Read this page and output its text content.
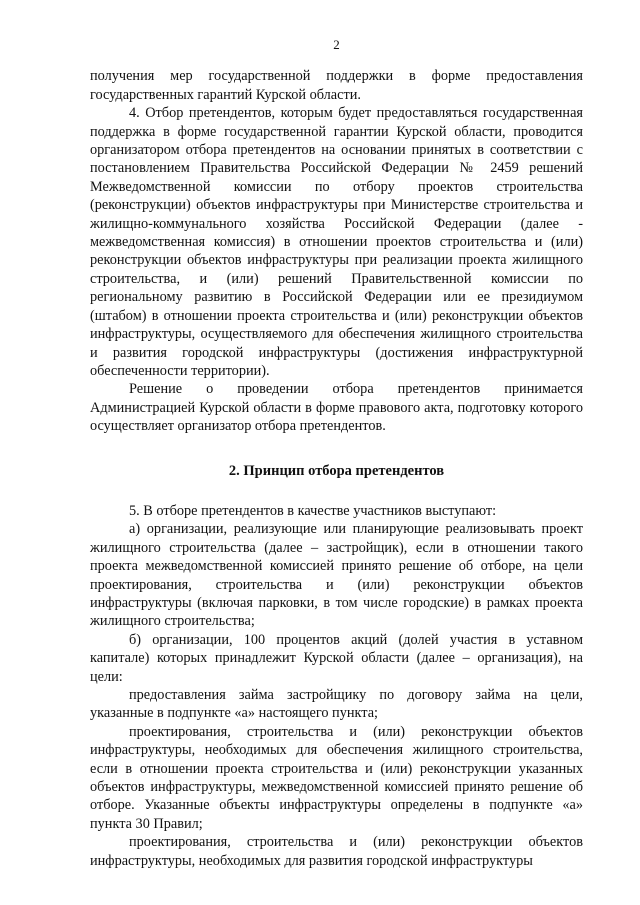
2

получения мер государственной поддержки в форме предоставления государственных гарантий Курской области.

4. Отбор претендентов, которым будет предоставляться государственная поддержка в форме государственной гарантии Курской области, проводится организатором отбора претендентов на основании принятых в соответствии с постановлением Правительства Российской Федерации № 2459 решений Межведомственной комиссии по отбору проектов строительства (реконструкции) объектов инфраструктуры при Министерстве строительства и жилищно-коммунального хозяйства Российской Федерации (далее - межведомственная комиссия) в отношении проектов строительства и (или) реконструкции объектов инфраструктуры при реализации проекта жилищного строительства, и (или) решений Правительственной комиссии по региональному развитию в Российской Федерации или ее президиумом (штабом) в отношении проекта строительства и (или) реконструкции объектов инфраструктуры, осуществляемого для обеспечения жилищного строительства и развития городской инфраструктуры (достижения инфраструктурной обеспеченности территории).

Решение о проведении отбора претендентов принимается Администрацией Курской области в форме правового акта, подготовку которого осуществляет организатор отбора претендентов.

2. Принцип отбора претендентов

5. В отборе претендентов в качестве участников выступают:

а) организации, реализующие или планирующие реализовывать проект жилищного строительства (далее – застройщик), если в отношении такого проекта межведомственной комиссией принято решение об отборе, на цели проектирования, строительства и (или) реконструкции объектов инфраструктуры (включая парковки, в том числе городские) в рамках проекта жилищного строительства;

б) организации, 100 процентов акций (долей участия в уставном капитале) которых принадлежит Курской области (далее – организация), на цели:

предоставления займа застройщику по договору займа на цели, указанные в подпункте «а» настоящего пункта;

проектирования, строительства и (или) реконструкции объектов инфраструктуры, необходимых для обеспечения жилищного строительства, если в отношении проекта строительства и (или) реконструкции указанных объектов инфраструктуры, межведомственной комиссией принято решение об отборе. Указанные объекты инфраструктуры определены в подпункте «а» пункта 30 Правил;

проектирования, строительства и (или) реконструкции объектов инфраструктуры, необходимых для развития городской инфраструктуры
